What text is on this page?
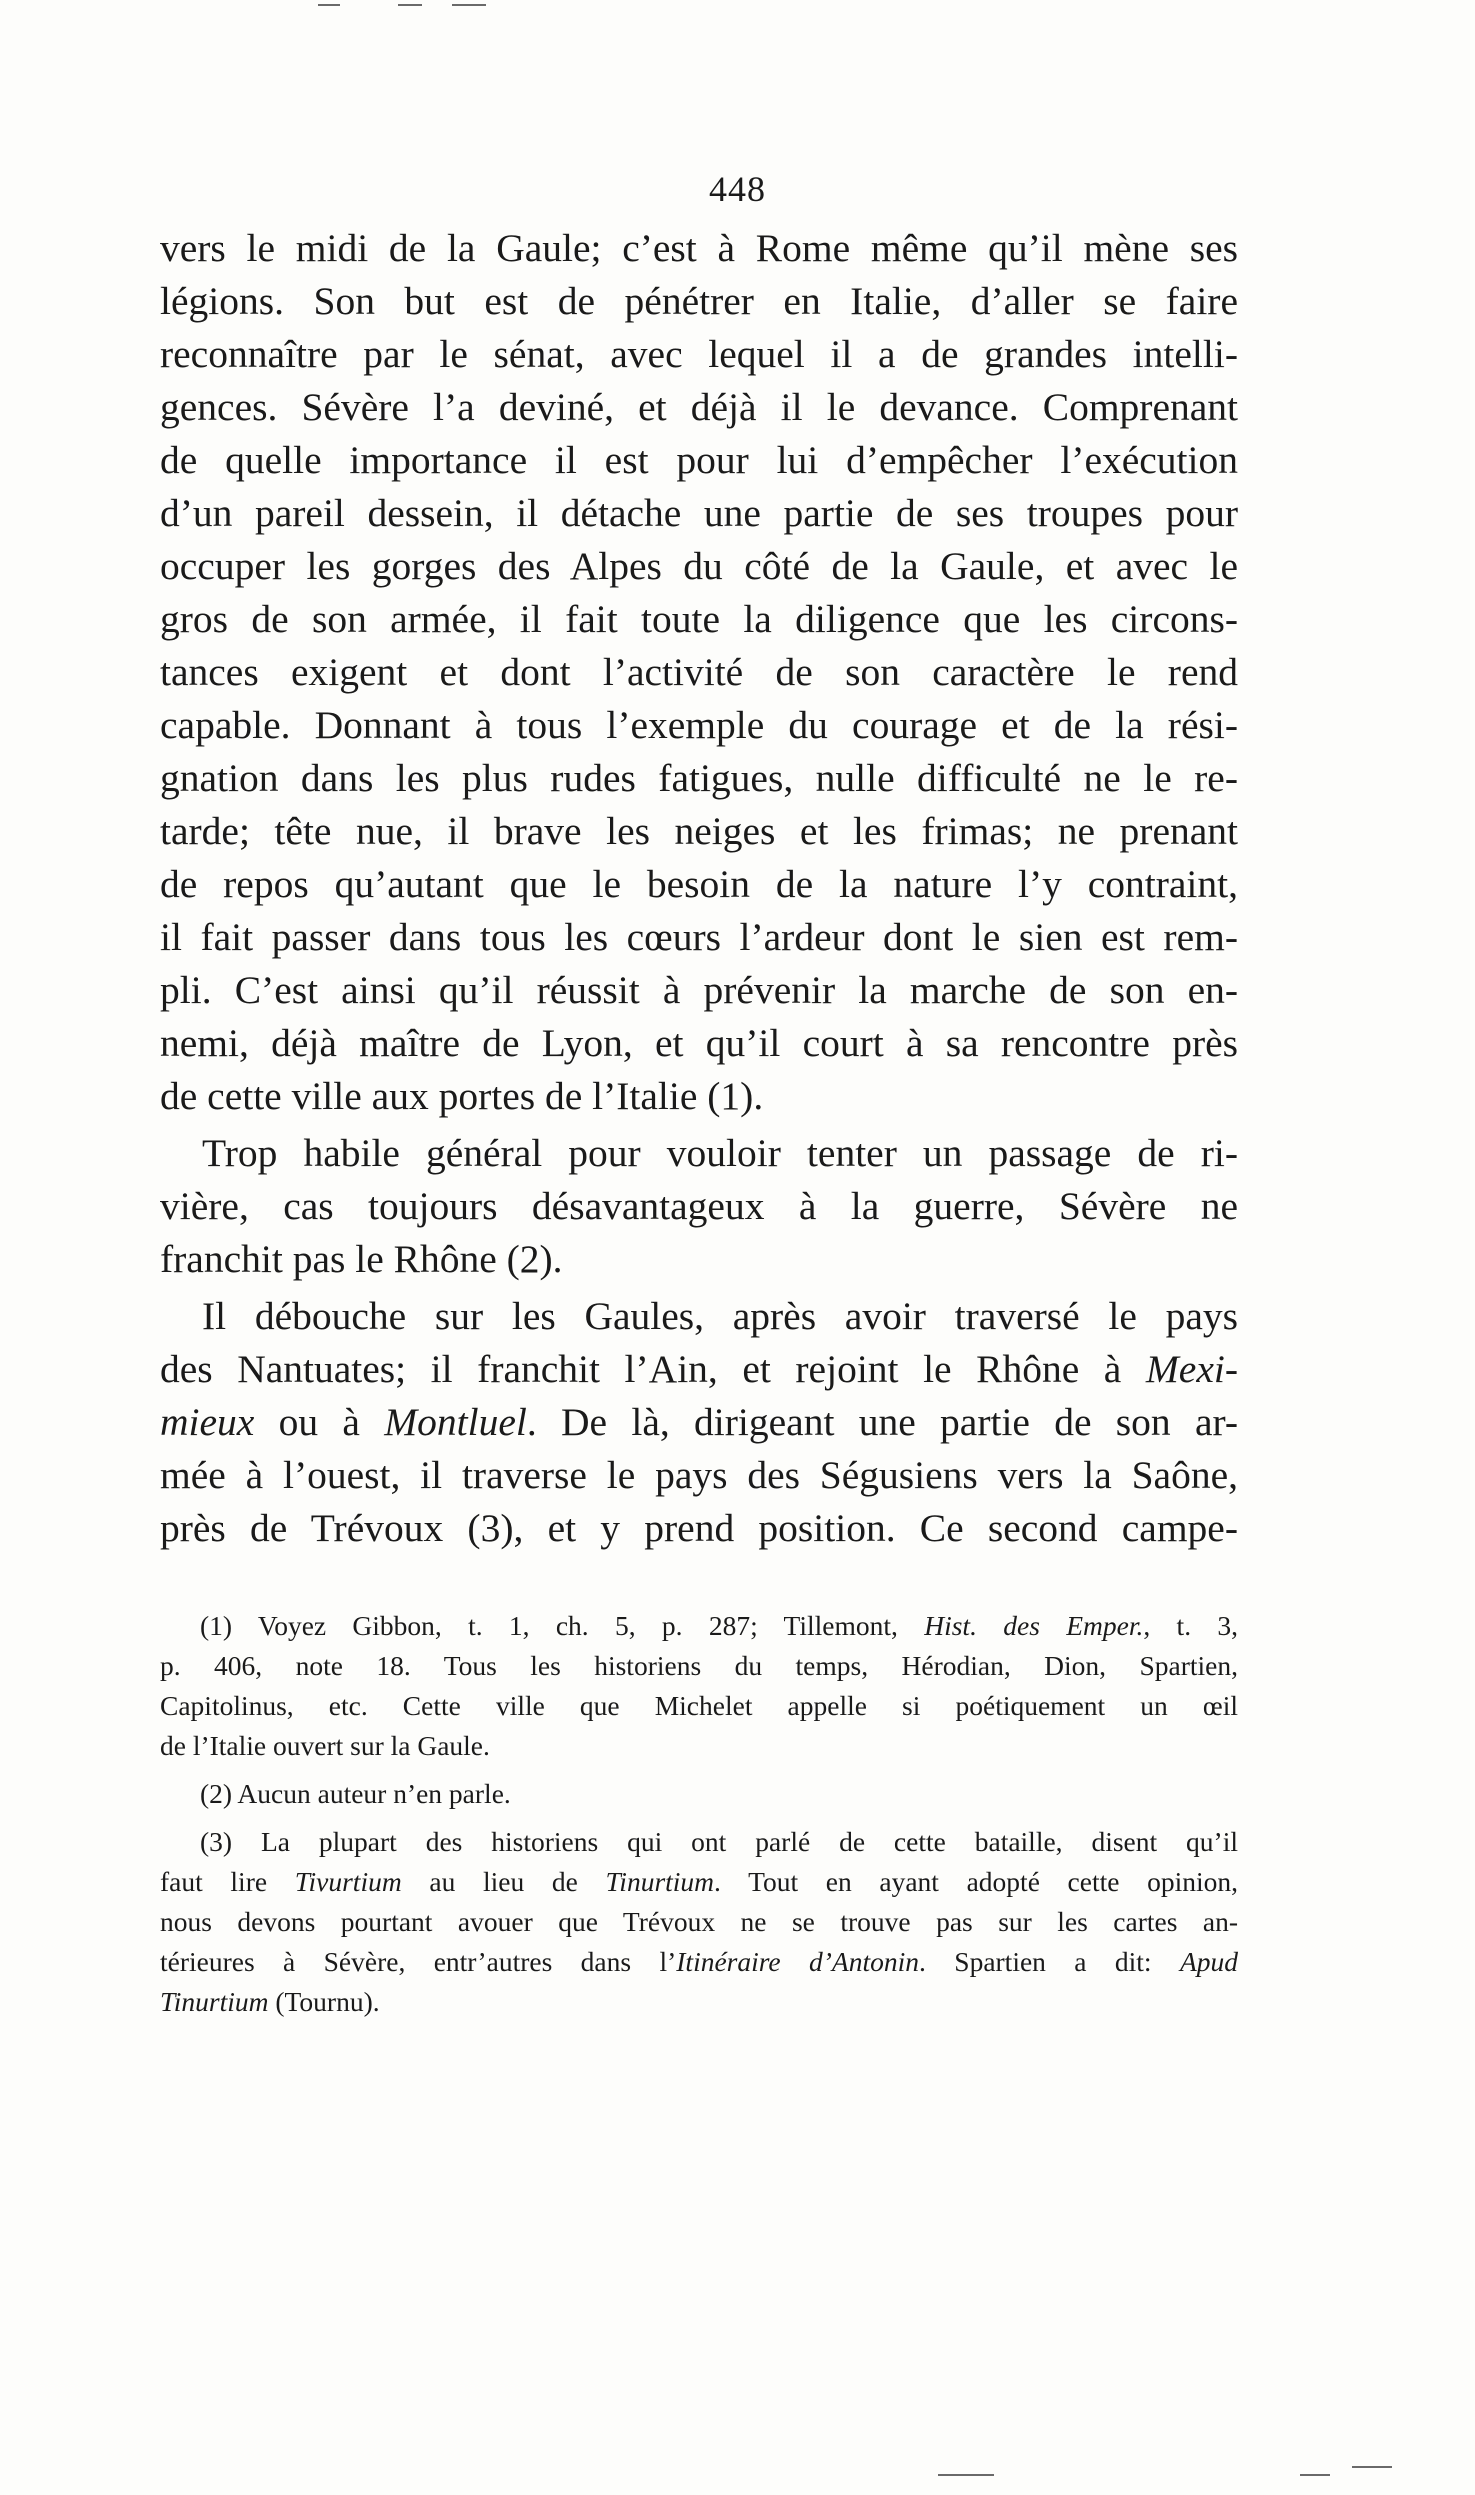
448
vers le midi de la Gaule; c’est à Rome même qu’il mène ses
légions. Son but est de pénétrer en Italie, d’aller se faire
reconnaître par le sénat, avec lequel il a de grandes intelli-
gences. Sévère l’a deviné, et déjà il le devance. Comprenant
de quelle importance il est pour lui d’empêcher l’exécution
d’un pareil dessein, il détache une partie de ses troupes pour
occuper les gorges des Alpes du côté de la Gaule, et avec le
gros de son armée, il fait toute la diligence que les circons-
tances exigent et dont l’activité de son caractère le rend
capable. Donnant à tous l’exemple du courage et de la rési-
gnation dans les plus rudes fatigues, nulle difficulté ne le re-
tarde; tête nue, il brave les neiges et les frimas; ne prenant
de repos qu’autant que le besoin de la nature l’y contraint,
il fait passer dans tous les cœurs l’ardeur dont le sien est rem-
pli. C’est ainsi qu’il réussit à prévenir la marche de son en-
nemi, déjà maître de Lyon, et qu’il court à sa rencontre près
de cette ville aux portes de l’Italie (1).
Trop habile général pour vouloir tenter un passage de ri-
vière, cas toujours désavantageux à la guerre, Sévère ne
franchit pas le Rhône (2).
Il débouche sur les Gaules, après avoir traversé le pays
des Nantuates; il franchit l’Ain, et rejoint le Rhône à Mexi-
mieux ou à Montluel. De là, dirigeant une partie de son ar-
mée à l’ouest, il traverse le pays des Ségusiens vers la Saône,
près de Trévoux (3), et y prend position. Ce second campe-
(1) Voyez Gibbon, t. 1, ch. 5, p. 287; Tillemont, Hist. des Emper., t. 3,
p. 406, note 18. Tous les historiens du temps, Hérodian, Dion, Spartien,
Capitolinus, etc. Cette ville que Michelet appelle si poétiquement un œil
de l’Italie ouvert sur la Gaule.
(2) Aucun auteur n’en parle.
(3) La plupart des historiens qui ont parlé de cette bataille, disent qu’il
faut lire Tivurtium au lieu de Tinurtium. Tout en ayant adopté cette opinion,
nous devons pourtant avouer que Trévoux ne se trouve pas sur les cartes an-
térieures à Sévère, entr’autres dans l’Itinéraire d’Antonin. Spartien a dit: Apud
Tinurtium (Tournu).
